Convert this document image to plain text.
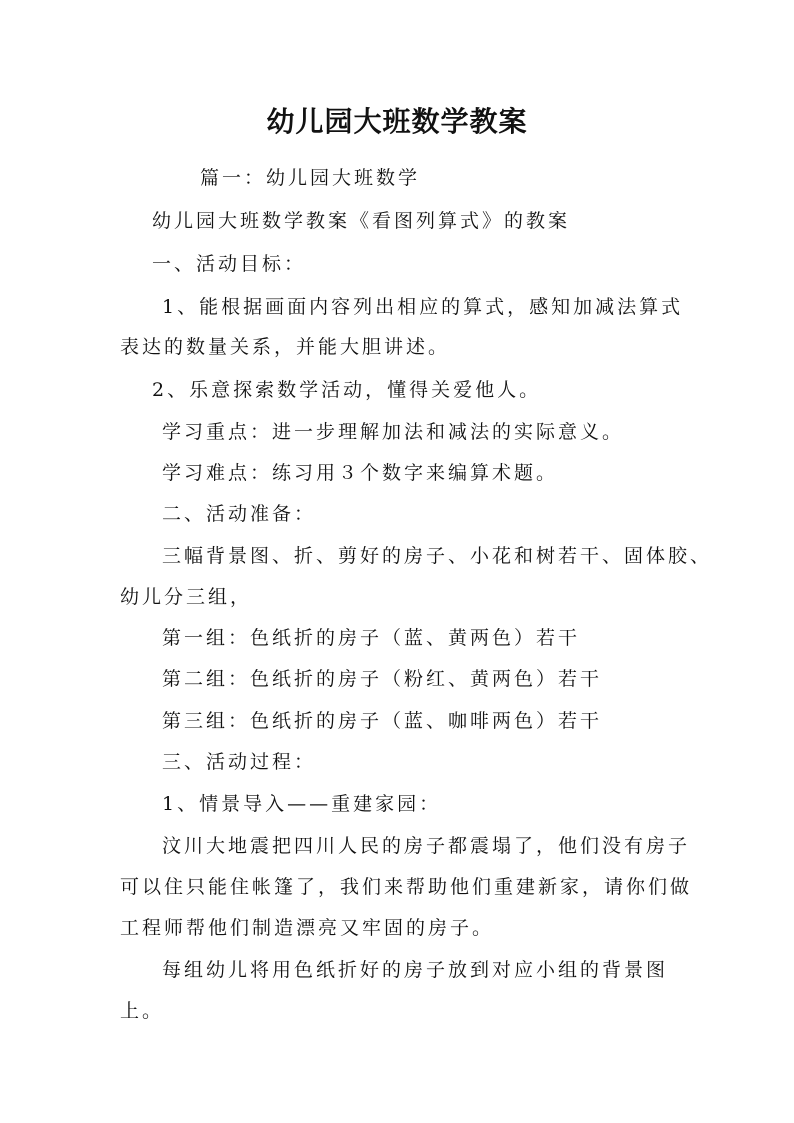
幼儿园大班数学教案

篇一：幼儿园大班数学

幼儿园大班数学教案《看图列算式》的教案

一、活动目标：

1、能根据画面内容列出相应的算式，感知加减法算式

表达的数量关系，并能大胆讲述。

2、乐意探索数学活动，懂得关爱他人。

学习重点：进一步理解加法和减法的实际意义。

学习难点：练习用３个数字来编算术题。

二、活动准备：

三幅背景图、折、剪好的房子、小花和树若干、固体胶、

幼儿分三组，

第一组：色纸折的房子（蓝、黄两色）若干

第二组：色纸折的房子（粉红、黄两色）若干

第三组：色纸折的房子（蓝、咖啡两色）若干

三、活动过程：

1、情景导入——重建家园：

汶川大地震把四川人民的房子都震塌了，他们没有房子

可以住只能住帐篷了，我们来帮助他们重建新家，请你们做

工程师帮他们制造漂亮又牢固的房子。

每组幼儿将用色纸折好的房子放到对应小组的背景图

上。
